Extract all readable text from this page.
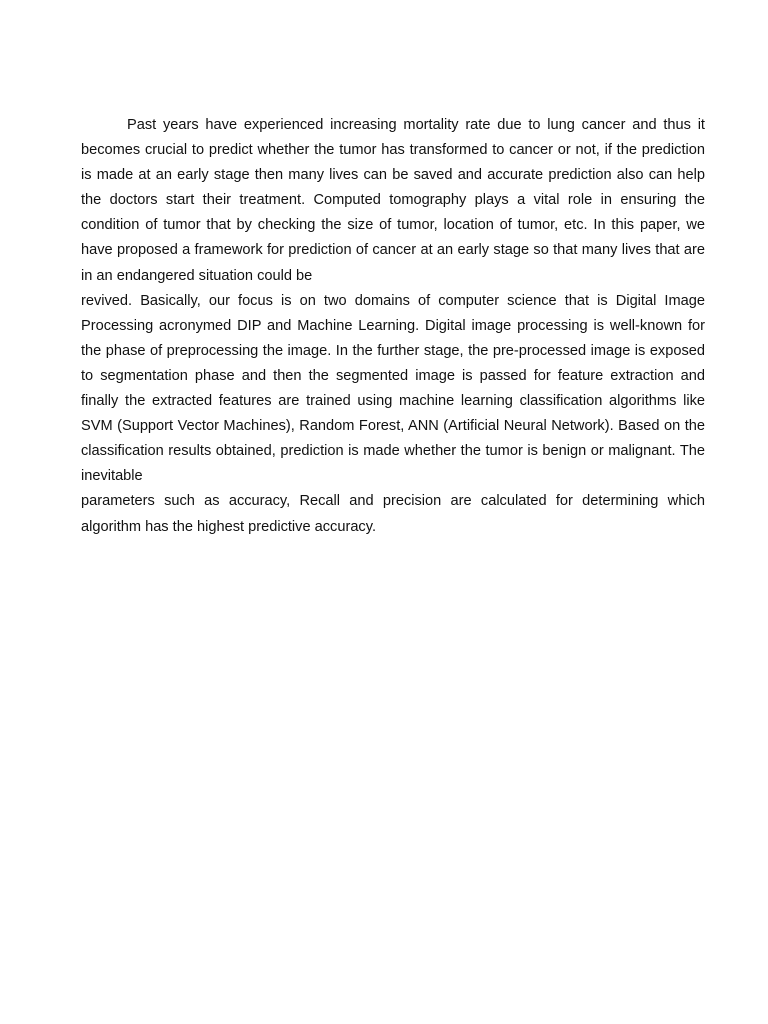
Past years have experienced increasing mortality rate due to lung cancer and thus it becomes crucial to predict whether the tumor has transformed to cancer or not, if the prediction is made at an early stage then many lives can be saved and accurate prediction also can help the doctors start their treatment. Computed tomography plays a vital role in ensuring the condition of tumor that by checking the size of tumor, location of tumor, etc. In this paper, we have proposed a framework for prediction of cancer at an early stage so that many lives that are in an endangered situation could be

revived. Basically, our focus is on two domains of computer science that is Digital Image Processing acronymed DIP and Machine Learning. Digital image processing is well-known for the phase of preprocessing the image. In the further stage, the pre-processed image is exposed to segmentation phase and then the segmented image is passed for feature extraction and finally the extracted features are trained using machine learning classification algorithms like SVM (Support Vector Machines), Random Forest, ANN (Artificial Neural Network). Based on the classification results obtained, prediction is made whether the tumor is benign or malignant. The inevitable

parameters such as accuracy, Recall and precision are calculated for determining which algorithm has the highest predictive accuracy.
